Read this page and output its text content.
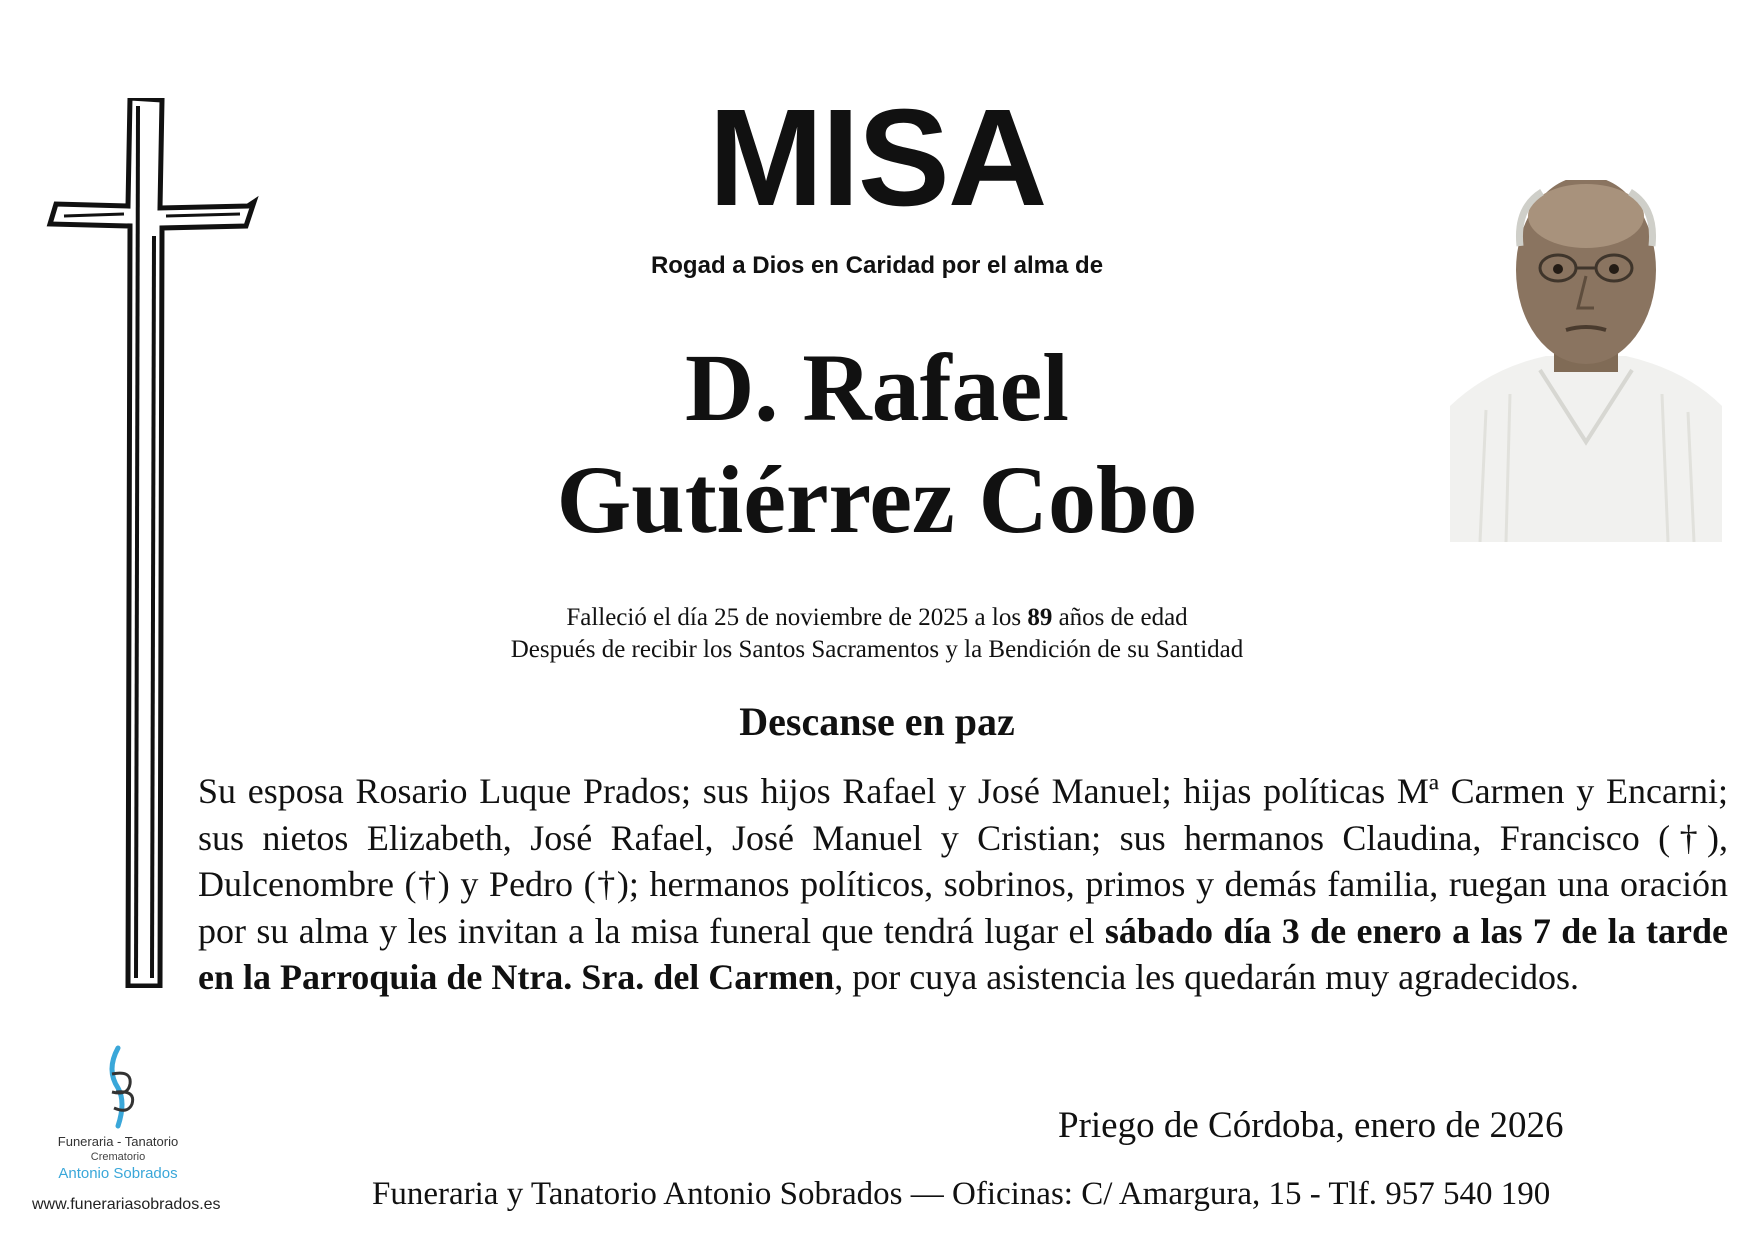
MISA
Rogad a Dios en Caridad por el alma de
D. Rafael
Gutiérrez Cobo
Falleció el día 25 de noviembre de 2025 a los 89 años de edad
Después de recibir los Santos Sacramentos y la Bendición de su Santidad
Descanse en paz
Su esposa Rosario Luque Prados; sus hijos Rafael y José Manuel; hijas políticas Mª Carmen y Encarni; sus nietos Elizabeth, José Rafael, José Manuel y Cristian; sus hermanos Claudina, Francisco (†), Dulcenombre (†) y Pedro (†); hermanos políticos, sobrinos, primos y demás familia, ruegan una oración por su alma y les invitan a la misa funeral que tendrá lugar el sábado día 3 de enero a las 7 de la tarde en la Parroquia de Ntra. Sra. del Carmen, por cuya asistencia les quedarán muy agradecidos.
Priego de Córdoba, enero de 2026
Funeraria y Tanatorio Antonio Sobrados — Oficinas: C/ Amargura, 15 - Tlf. 957 540 190
Funeraria - Tanatorio
Crematorio
Antonio Sobrados
www.funerariasobrados.es
